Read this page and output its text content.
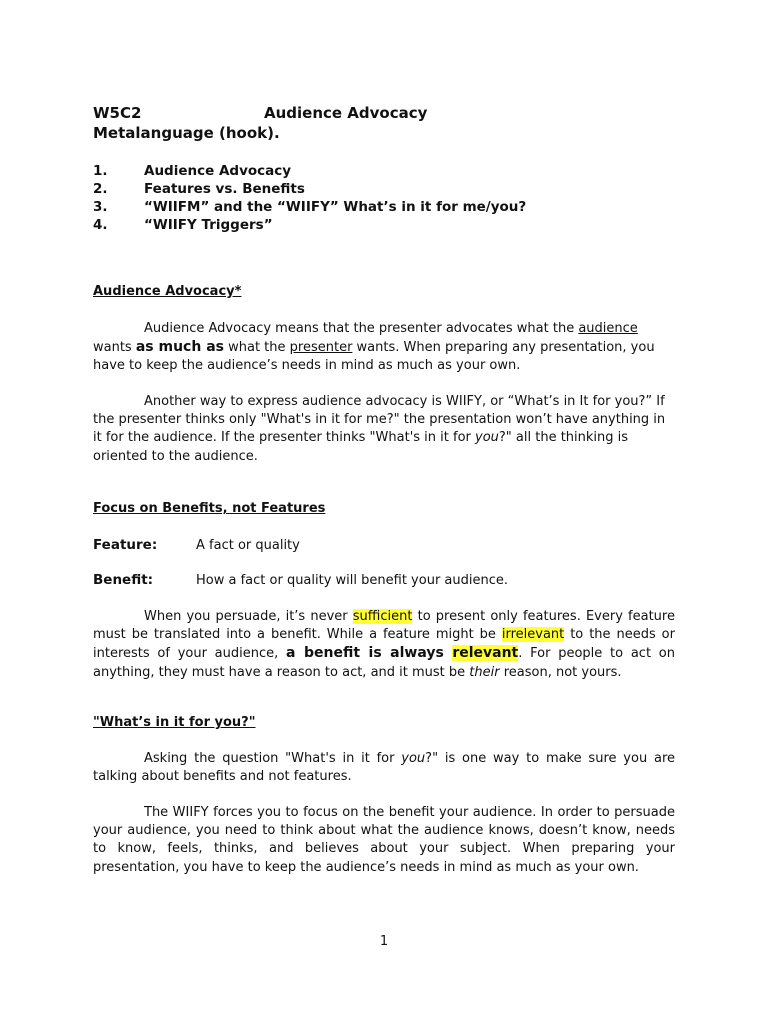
W5C2	Audience Advocacy
Metalanguage (hook).
1.	Audience Advocacy
2.	Features vs. Benefits
3.	“WIIFM” and the “WIIFY” What’s in it for me/you?
4.	“WIIFY Triggers”
Audience Advocacy*
Audience Advocacy means that the presenter advocates what the audience wants as much as what the presenter wants. When preparing any presentation, you have to keep the audience’s needs in mind as much as your own.
Another way to express audience advocacy is WIIFY, or “What’s in It for you?” If the presenter thinks only "What's in it for me?" the presentation won’t have anything in it for the audience. If the presenter thinks "What's in it for you?" all the thinking is oriented to the audience.
Focus on Benefits, not Features
Feature:	A fact or quality
Benefit:	How a fact or quality will benefit your audience.
When you persuade, it’s never sufficient to present only features. Every feature must be translated into a benefit. While a feature might be irrelevant to the needs or interests of your audience, a benefit is always relevant. For people to act on anything, they must have a reason to act, and it must be their reason, not yours.
"What’s in it for you?"
Asking the question "What's in it for you?" is one way to make sure you are talking about benefits and not features.
The WIIFY forces you to focus on the benefit your audience. In order to persuade your audience, you need to think about what the audience knows, doesn’t know, needs to know, feels, thinks, and believes about your subject. When preparing your presentation, you have to keep the audience’s needs in mind as much as your own.
1
